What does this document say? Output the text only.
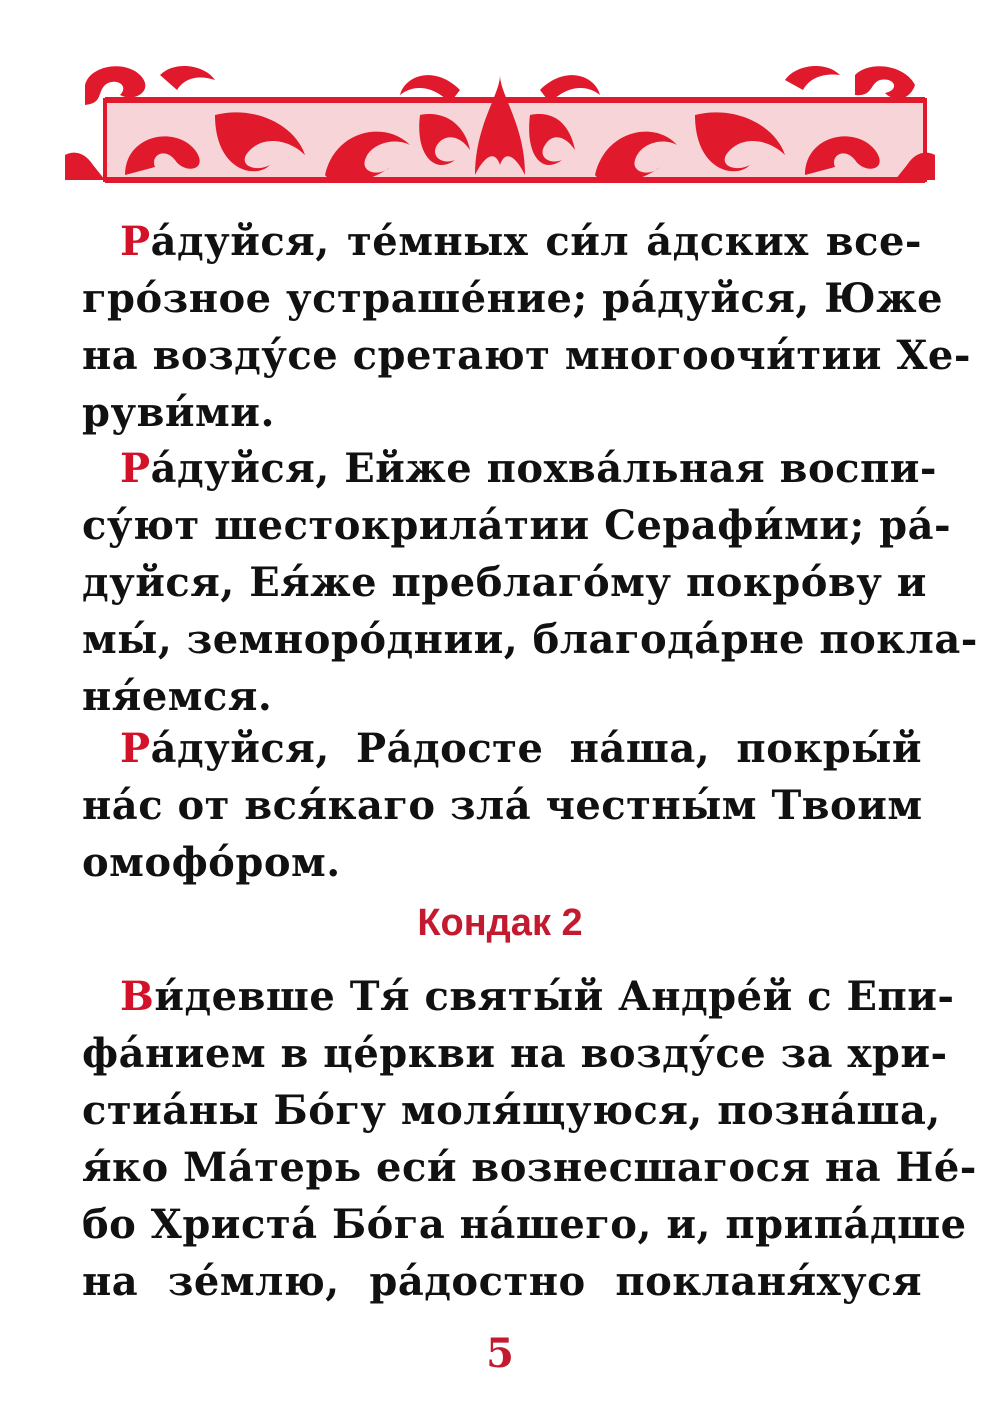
Ра́дуйся, те́мных си́л а́дских все-
гро́зное устраше́ние; ра́дуйся, Юже
на возду́се сретают многоочи́тии Хе-
руви́ми.
Ра́дуйся, Ейже похва́льная воспи-
су́ют шестокрила́тии Серафи́ми; ра́-
дуйся, Ея́же преблаго́му покро́ву и
мы́, земноро́днии, благода́рне покла-
ня́емся.
Ра́дуйся, Ра́досте на́ша, покры́й
на́с от вся́каго зла́ честны́м Твоим
омофо́ром.
Кондак 2
Ви́девше Тя́ святы́й Андре́й с Епи-
фа́нием в це́ркви на возду́се за хри-
стиа́ны Бо́гу моля́щуюся, позна́ша,
я́ко Ма́терь еси́ вознесшагося на Не́-
бо Христа́ Бо́га на́шего, и, припа́дше
на зе́млю, ра́достно покланя́хуся
5
